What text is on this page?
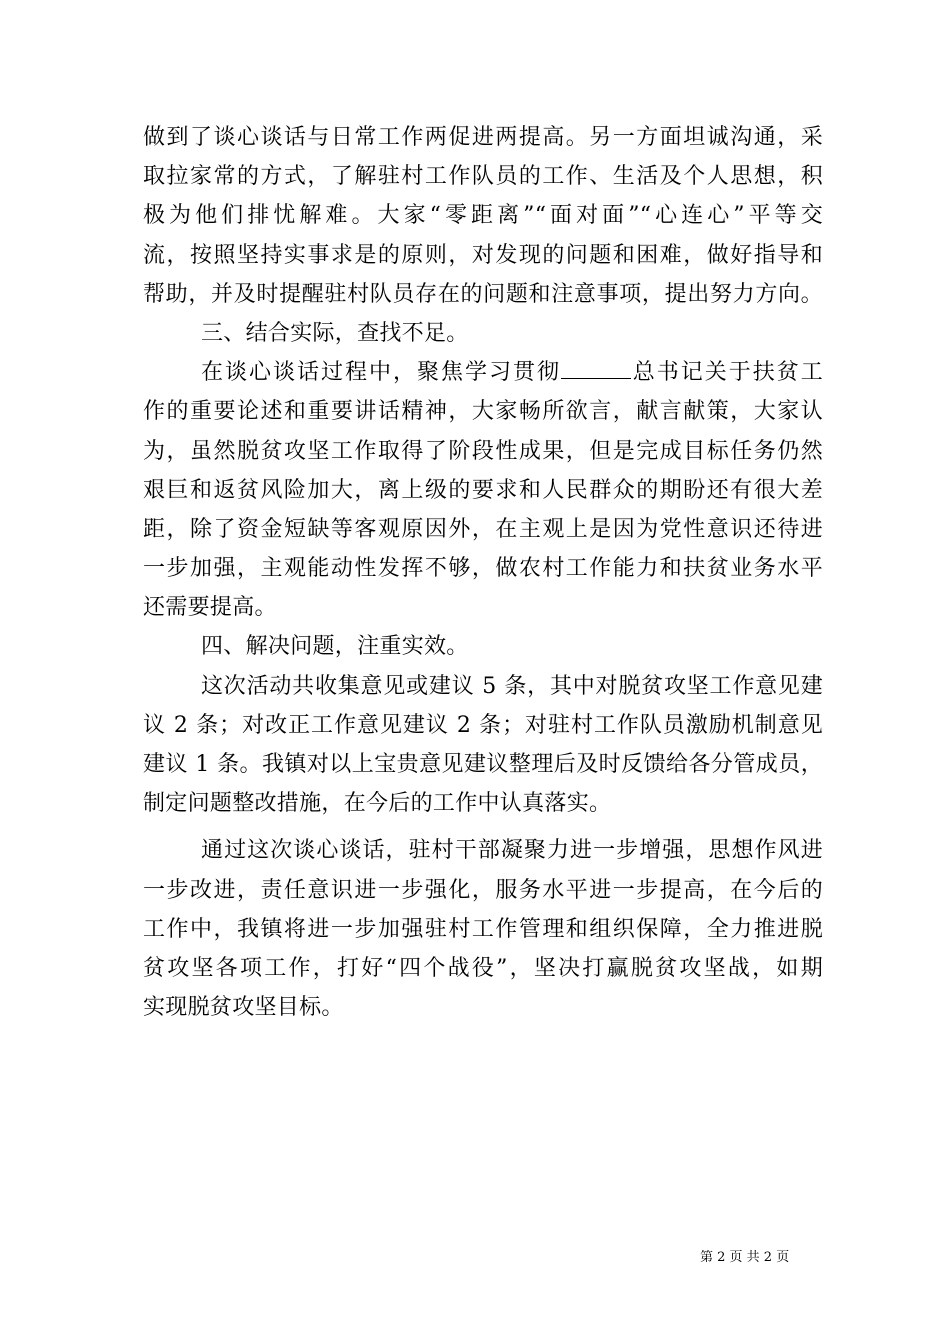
做到了谈心谈话与日常工作两促进两提高。另一方面坦诚沟通，采
取拉家常的方式，了解驻村工作队员的工作、生活及个人思想，积
极为他们排忧解难。大家“零距离”“面对面”“心连心”平等交
流，按照坚持实事求是的原则，对发现的问题和困难，做好指导和
帮助，并及时提醒驻村队员存在的问题和注意事项，提出努力方向。
三、结合实际，查找不足。
在谈心谈话过程中，聚焦学习贯彻	总书记关于扶贫工
作的重要论述和重要讲话精神，大家畅所欲言，献言献策，大家认
为，虽然脱贫攻坚工作取得了阶段性成果，但是完成目标任务仍然
艰巨和返贫风险加大，离上级的要求和人民群众的期盼还有很大差
距，除了资金短缺等客观原因外，在主观上是因为党性意识还待进
一步加强，主观能动性发挥不够，做农村工作能力和扶贫业务水平
还需要提高。
四、解决问题，注重实效。
这次活动共收集意见或建议 5 条，其中对脱贫攻坚工作意见建
议 2 条；对改正工作意见建议 2 条；对驻村工作队员激励机制意见
建议 1 条。我镇对以上宝贵意见建议整理后及时反馈给各分管成员，
制定问题整改措施，在今后的工作中认真落实。
通过这次谈心谈话，驻村干部凝聚力进一步增强，思想作风进
一步改进，责任意识进一步强化，服务水平进一步提高，在今后的
工作中，我镇将进一步加强驻村工作管理和组织保障，全力推进脱
贫攻坚各项工作，打好“四个战役”，坚决打赢脱贫攻坚战，如期
实现脱贫攻坚目标。
第 2 页 共 2 页
